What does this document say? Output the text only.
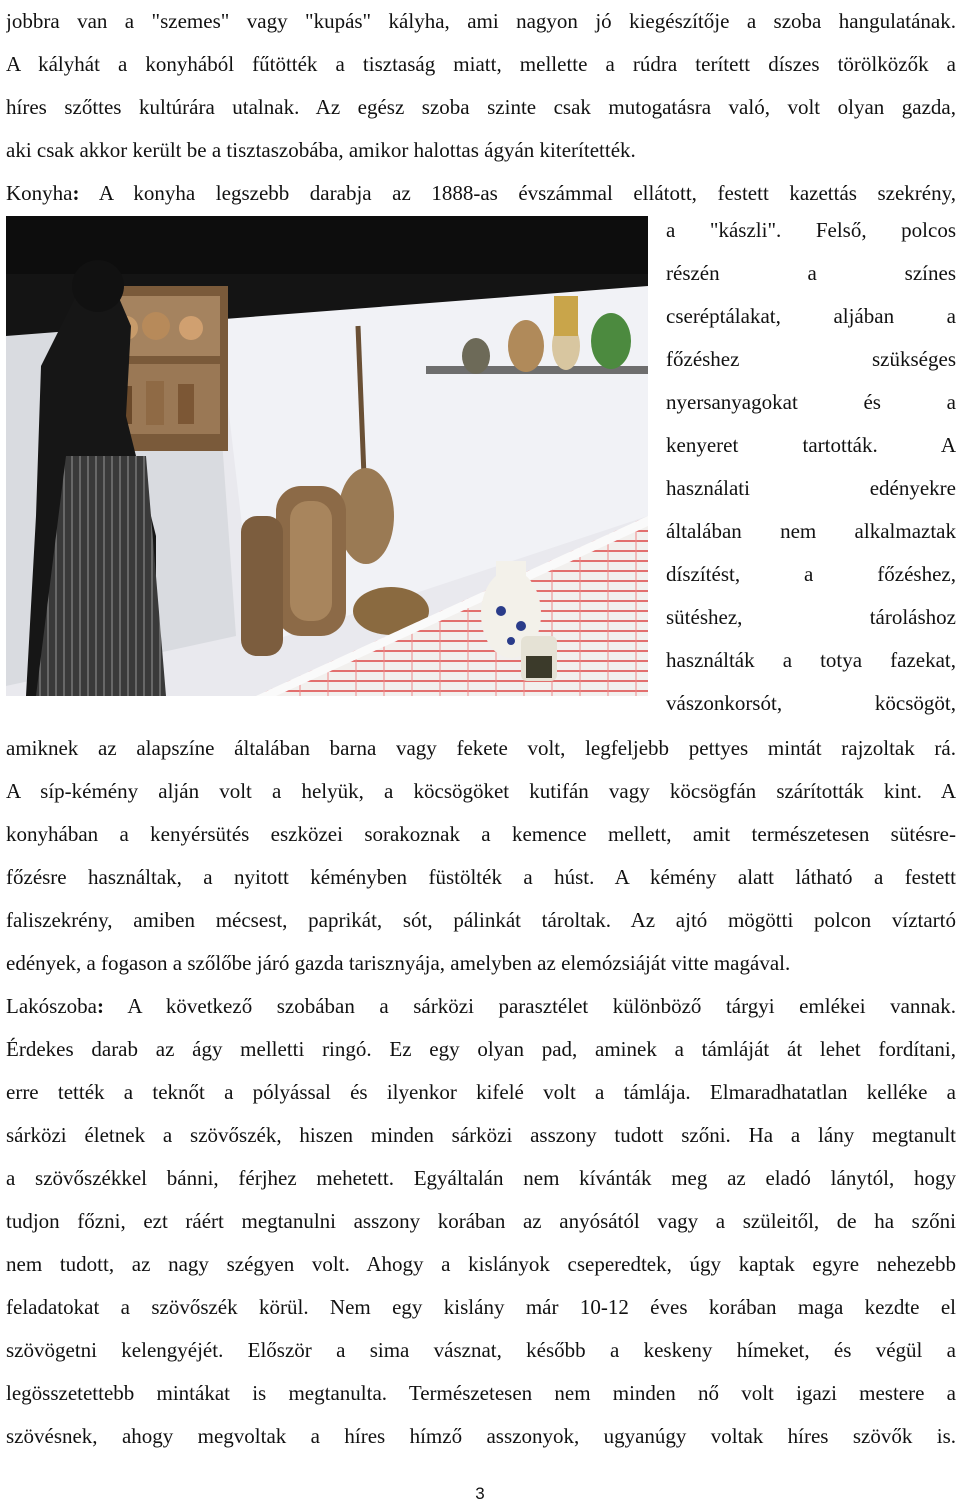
jobbra van a "szemes" vagy "kupás" kályha, ami nagyon jó kiegészítője a szoba hangulatának.
A kályhát a konyhából fűtötték a tisztaság miatt, mellette a rúdra terített díszes törölközők a
híres szőttes kultúrára utalnak. Az egész szoba szinte csak mutogatásra való, volt olyan gazda,
aki csak akkor került be a tisztaszobába, amikor halottas ágyán kiterítették.
Konyha: A konyha legszebb darabja az 1888-as évszámmal ellátott, festett kazettás szekrény,
a "kászli". Felső, polcos
részén a színes
cseréptálakat, aljában a
főzéshez szükséges
nyersanyagokat és a
kenyeret tartották. A
használati edényekre
általában nem alkalmaztak
díszítést, a főzéshez,
sütéshez, tároláshoz
használták a totya fazekat,
vászonkorsót, köcsögöt,
amiknek az alapszíne általában barna vagy fekete volt, legfeljebb pettyes mintát rajzoltak rá.
A síp-kémény alján volt a helyük, a köcsögöket kutifán vagy köcsögfán szárították kint. A
konyhában a kenyérsütés eszközei sorakoznak a kemence mellett, amit természetesen sütésre-
főzésre használtak, a nyitott kéményben füstölték a húst. A kémény alatt látható a festett
faliszekrény, amiben mécsest, paprikát, sót, pálinkát tároltak. Az ajtó mögötti polcon víztartó
edények, a fogason a szőlőbe járó gazda tarisznyája, amelyben az elemózsiáját vitte magával.
Lakószoba: A következő szobában a sárközi parasztélet különböző tárgyi emlékei vannak.
Érdekes darab az ágy melletti ringó. Ez egy olyan pad, aminek a támláját át lehet fordítani,
erre tették a teknőt a pólyással és ilyenkor kifelé volt a támlája. Elmaradhatatlan kelléke a
sárközi életnek a szövőszék, hiszen minden sárközi asszony tudott szőni. Ha a lány megtanult
a szövőszékkel bánni, férjhez mehetett. Egyáltalán nem kívánták meg az eladó lánytól, hogy
tudjon főzni, ezt ráért megtanulni asszony korában az anyósától vagy a szüleitől, de ha szőni
nem tudott, az nagy szégyen volt. Ahogy a kislányok cseperedtek, úgy kaptak egyre nehezebb
feladatokat a szövőszék körül. Nem egy kislány már 10-12 éves korában maga kezdte el
szövögetni kelengyéjét. Először a sima vásznat, később a keskeny hímeket, és végül a
legösszetettebb mintákat is megtanulta. Természetesen nem minden nő volt igazi mestere a
szövésnek, ahogy megvoltak a híres hímző asszonyok, ugyanúgy voltak híres szövők is.
3
